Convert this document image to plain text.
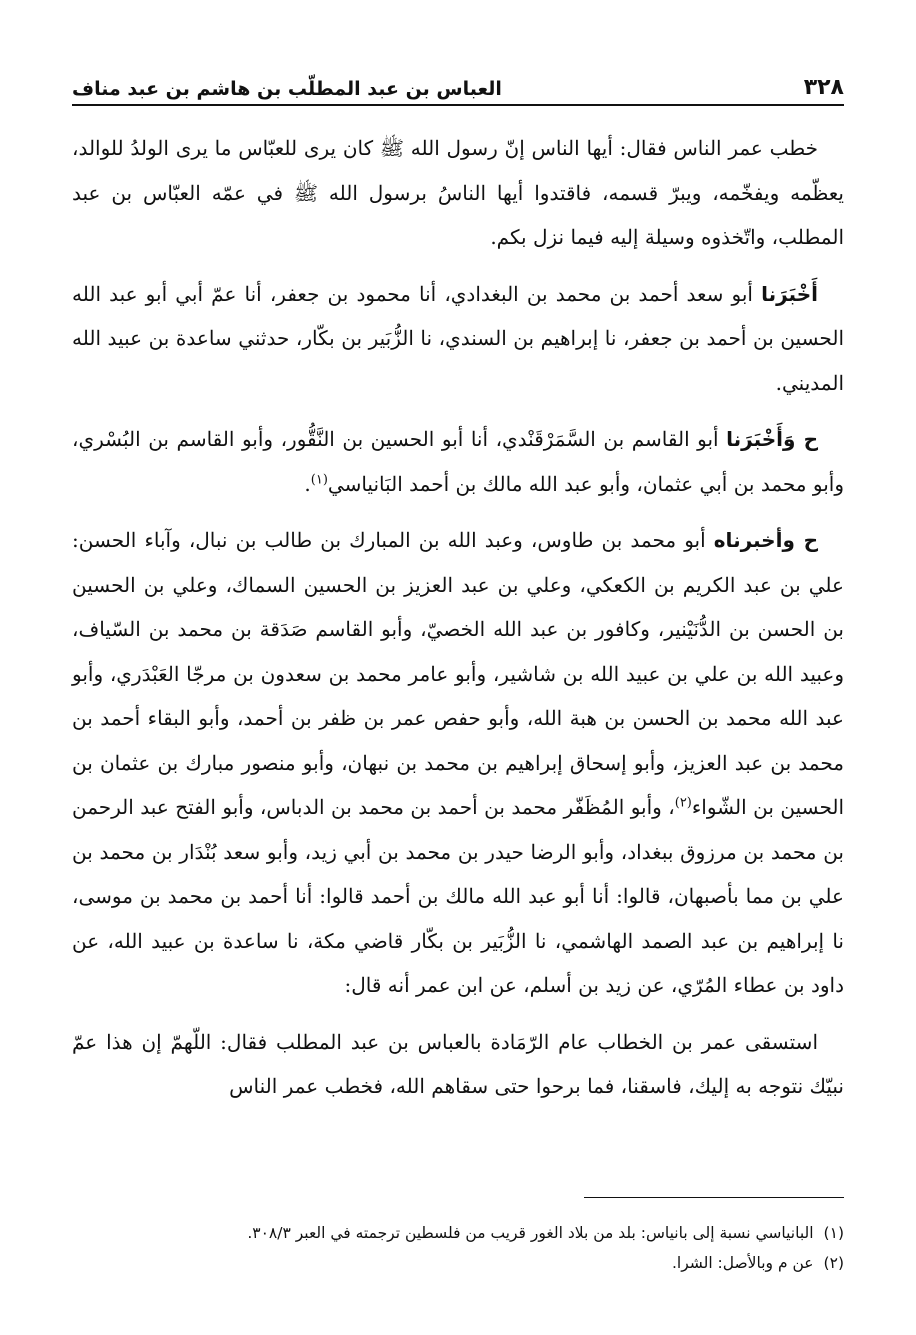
٣٢٨
العباس بن عبد المطلّب بن هاشم بن عبد مناف

خطب عمر الناس فقال: أيها الناس إنّ رسول الله ﷺ كان يرى للعبّاس ما يرى الولدُ للوالد، يعظّمه ويفخّمه، ويبرّ قسمه، فاقتدوا أيها الناسُ برسول الله ﷺ في عمّه العبّاس بن عبد المطلب، واتّخذوه وسيلة إليه فيما نزل بكم.

أَخْبَرَنا أبو سعد أحمد بن محمد بن البغدادي، أنا محمود بن جعفر، أنا عمّ أبي أبو عبد الله الحسين بن أحمد بن جعفر، نا إبراهيم بن السندي، نا الزُّبَير بن بكّار، حدثني ساعدة بن عبيد الله المديني.

ح وَأَخْبَرَنا أبو القاسم بن السَّمَرْقَنْدي، أنا أبو الحسين بن النَّقُّور، وأبو القاسم بن البُسْري، وأبو محمد بن أبي عثمان، وأبو عبد الله مالك بن أحمد البَانياسي$^{(١)}$.

ح وأخبرناه أبو محمد بن طاوس، وعبد الله بن المبارك بن طالب بن نبال، وآباء الحسن: علي بن عبد الكريم بن الكعكي، وعلي بن عبد العزيز بن الحسين السماك، وعلي بن الحسين بن الحسن بن الدُّنَيْنير، وكافور بن عبد الله الخصيّ، وأبو القاسم صَدَقة بن محمد بن السّياف، وعبيد الله بن علي بن عبيد الله بن شاشير، وأبو عامر محمد بن سعدون بن مرجّا العَبْدَري، وأبو عبد الله محمد بن الحسن بن هبة الله، وأبو حفص عمر بن ظفر بن أحمد، وأبو البقاء أحمد بن محمد بن عبد العزيز، وأبو إسحاق إبراهيم بن محمد بن نبهان، وأبو منصور مبارك بن عثمان بن الحسين بن الشّواء$^{(٢)}$، وأبو المُظَفّر محمد بن أحمد بن محمد بن الدباس، وأبو الفتح عبد الرحمن بن محمد بن مرزوق ببغداد، وأبو الرضا حيدر بن محمد بن أبي زيد، وأبو سعد بُنْدَار بن محمد بن علي بن مما بأصبهان، قالوا: أنا أبو عبد الله مالك بن أحمد قالوا: أنا أحمد بن محمد بن موسى، نا إبراهيم بن عبد الصمد الهاشمي، نا الزُّبَير بن بكّار قاضي مكة، نا ساعدة بن عبيد الله، عن داود بن عطاء المُرّي، عن زيد بن أسلم، عن ابن عمر أنه قال:

استسقى عمر بن الخطاب عام الرّمَادة بالعباس بن عبد المطلب فقال: اللّهمّ إن هذا عمّ نبيّك نتوجه به إليك، فاسقنا، فما برحوا حتى سقاهم الله، فخطب عمر الناس

(١)
البانياسي نسبة إلى بانياس: بلد من بلاد الغور قريب من فلسطين ترجمته في العبر ٣٠٨/٣.
(٢)
عن م وبالأصل: الشرا.
